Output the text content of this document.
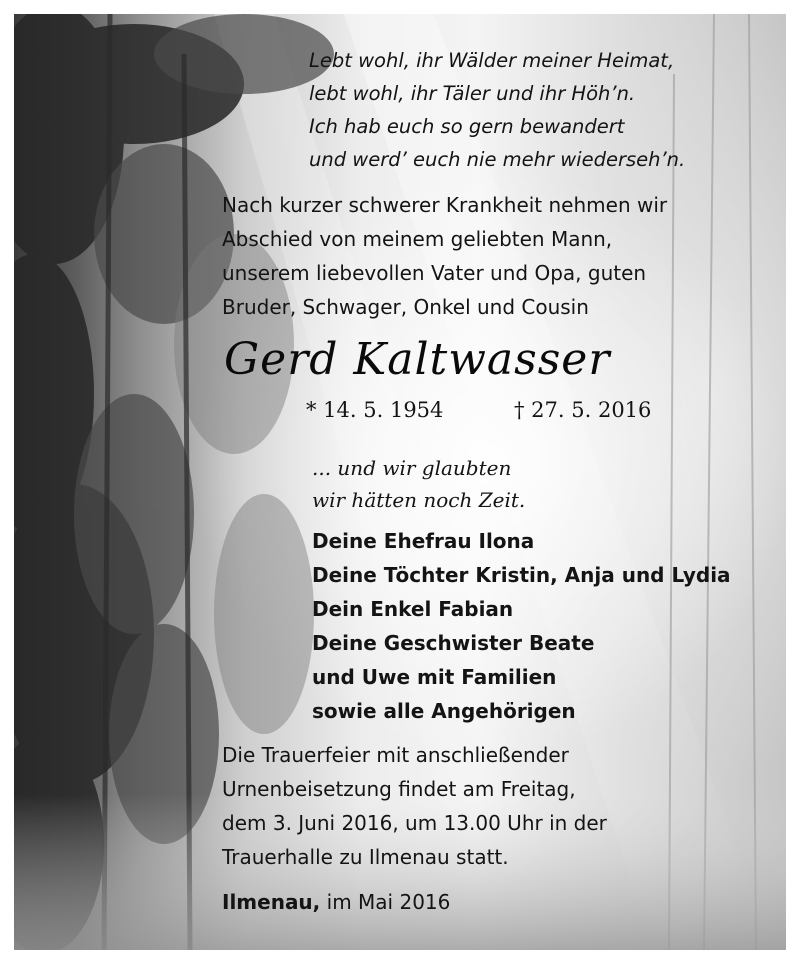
Lebt wohl, ihr Wälder meiner Heimat,
lebt wohl, ihr Täler und ihr Höh’n.
Ich hab euch so gern bewandert
und werd’ euch nie mehr wiederseh’n.
Nach kurzer schwerer Krankheit nehmen wir
Abschied von meinem geliebten Mann,
unserem liebevollen Vater und Opa, guten
Bruder, Schwager, Onkel und Cousin
Gerd Kaltwasser
* 14. 5. 1954	† 27. 5. 2016
... und wir glaubten
wir hätten noch Zeit.
Deine Ehefrau Ilona
Deine Töchter Kristin, Anja und Lydia
Dein Enkel Fabian
Deine Geschwister Beate
und Uwe mit Familien
sowie alle Angehörigen
Die Trauerfeier mit anschließender
Urnenbeisetzung findet am Freitag,
dem 3. Juni 2016, um 13.00 Uhr in der
Trauerhalle zu Ilmenau statt.
Ilmenau, im Mai 2016
